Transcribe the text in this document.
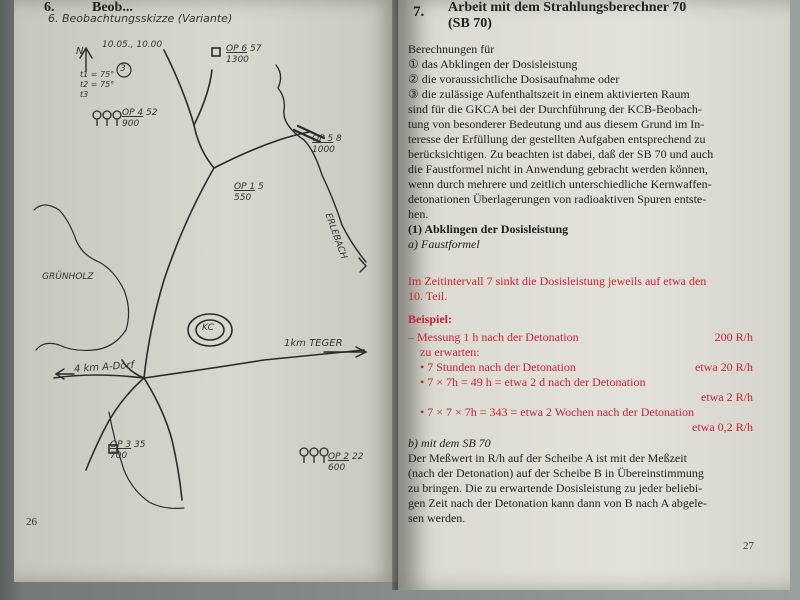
6.	Beob...
6. Beobachtungsskizze (Variante)
N
10.05., 10.00
3
t1 = 75°
t2 = 75°
t3
GRÜNHOLZ
ERLEBACH
1km TEGER
4 km A-Dorf
KC
OP 6 57
1300
OP 4 52
900
OP 5 8
1000
OP 1 5
550
OP 3 35
700	OP 2 22
600
26
7. Arbeit mit dem Strahlungsberechner 70
(SB 70)

Berechnungen für

① das Abklingen der Dosisleistung

② die voraussichtliche Dosisaufnahme oder

③ die zulässige Aufenthaltszeit in einem aktivierten Raum

sind für die GKCA bei der Durchführung der KCB-Beobach-

tung von besonderer Bedeutung und aus diesem Grund im In-

teresse der Erfüllung der gestellten Aufgaben entsprechend zu

berücksichtigen. Zu beachten ist dabei, daß der SB 70 und auch

die Faustformel nicht in Anwendung gebracht werden können,

wenn durch mehrere und zeitlich unterschiedliche Kernwaffen-

detonationen Überlagerungen von radioaktiven Spuren entste-

hen.

(1) Abklingen der Dosisleistung

a) Faustformel

Im Zeitintervall 7 sinkt die Dosisleistung jeweils auf etwa den

10. Teil.

Beispiel:
– Messung 1 h nach der Detonation	200 R/h
zu erwarten:
• 7 Stunden nach der Detonation	etwa 20 R/h
• 7 × 7h = 49 h = etwa 2 d nach der Detonation
etwa 2 R/h
• 7 × 7 × 7h = 343 = etwa 2 Wochen nach der Detonation
etwa 0,2 R/h

b) mit dem SB 70

Der Meßwert in R/h auf der Scheibe A ist mit der Meßzeit

(nach der Detonation) auf der Scheibe B in Übereinstimmung

zu bringen. Die zu erwartende Dosisleistung zu jeder beliebi-

gen Zeit nach der Detonation kann dann von B nach A abgele-

sen werden.

27
